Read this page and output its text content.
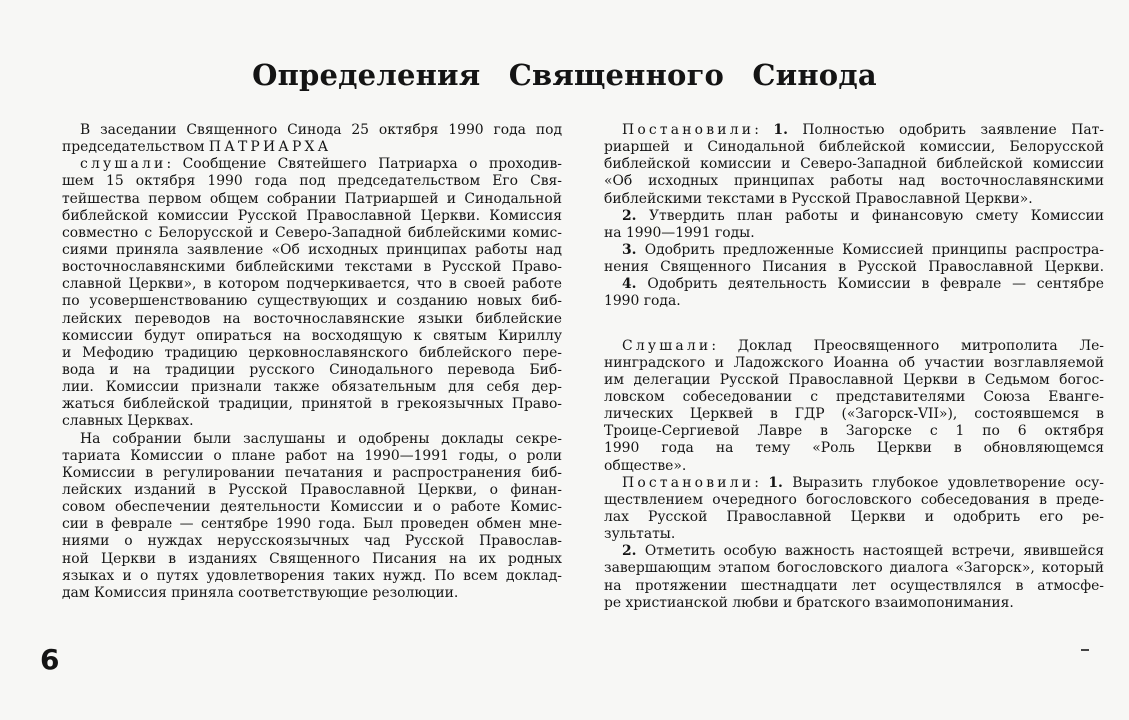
Определения Священного Синода
В заседании Священного Синода 25 октября 1990 года под
председательством ПАТРИАРХА
слушали: Сообщение Святейшего Патриарха о проходив-
шем 15 октября 1990 года под председательством Его Свя-
тейшества первом общем собрании Патриаршей и Синодальной
библейской комиссии Русской Православной Церкви. Комиссия
совместно с Белорусской и Северо-Западной библейскими комис-
сиями приняла заявление «Об исходных принципах работы над
восточнославянскими библейскими текстами в Русской Право-
славной Церкви», в котором подчеркивается, что в своей работе
по усовершенствованию существующих и созданию новых биб-
лейских переводов на восточнославянские языки библейские
комиссии будут опираться на восходящую к святым Кириллу
и Мефодию традицию церковнославянского библейского пере-
вода и на традиции русского Синодального перевода Биб-
лии. Комиссии признали также обязательным для себя дер-
жаться библейской традиции, принятой в грекоязычных Право-
славных Церквах.
На собрании были заслушаны и одобрены доклады секре-
тариата Комиссии о плане работ на 1990—1991 годы, о роли
Комиссии в регулировании печатания и распространения биб-
лейских изданий в Русской Православной Церкви, о финан-
совом обеспечении деятельности Комиссии и о работе Комис-
сии в феврале — сентябре 1990 года. Был проведен обмен мне-
ниями о нуждах нерусскоязычных чад Русской Православ-
ной Церкви в изданиях Священного Писания на их родных
языках и о путях удовлетворения таких нужд. По всем доклад-
дам Комиссия приняла соответствующие резолюции.
Постановили: 1. Полностью одобрить заявление Пат-
риаршей и Синодальной библейской комиссии, Белорусской
библейской комиссии и Северо-Западной библейской комиссии
«Об исходных принципах работы над восточнославянскими
библейскими текстами в Русской Православной Церкви».
2. Утвердить план работы и финансовую смету Комиссии
на 1990—1991 годы.
3. Одобрить предложенные Комиссией принципы распростра-
нения Священного Писания в Русской Православной Церкви.
4. Одобрить деятельность Комиссии в феврале — сентябре
1990 года.
Слушали: Доклад Преосвященного митрополита Ле-
нинградского и Ладожского Иоанна об участии возглавляемой
им делегации Русской Православной Церкви в Седьмом богос-
ловском собеседовании с представителями Союза Евангe-
лических Церквей в ГДР («Загорск-VII»), состоявшемся в
Троице-Сергиевой Лавре в Загорске с 1 по 6 октября
1990 года на тему «Роль Церкви в обновляющемся
обществе».
Постановили: 1. Выразить глубокое удовлетворение осу-
ществлением очередного богословского собеседования в преде-
лах Русской Православной Церкви и одобрить его ре-
зультаты.
2. Отметить особую важность настоящей встречи, явившейся
завершающим этапом богословского диалога «Загорск», который
на протяжении шестнадцати лет осуществлялся в атмосфе-
ре христианской любви и братского взаимопонимания.
6
